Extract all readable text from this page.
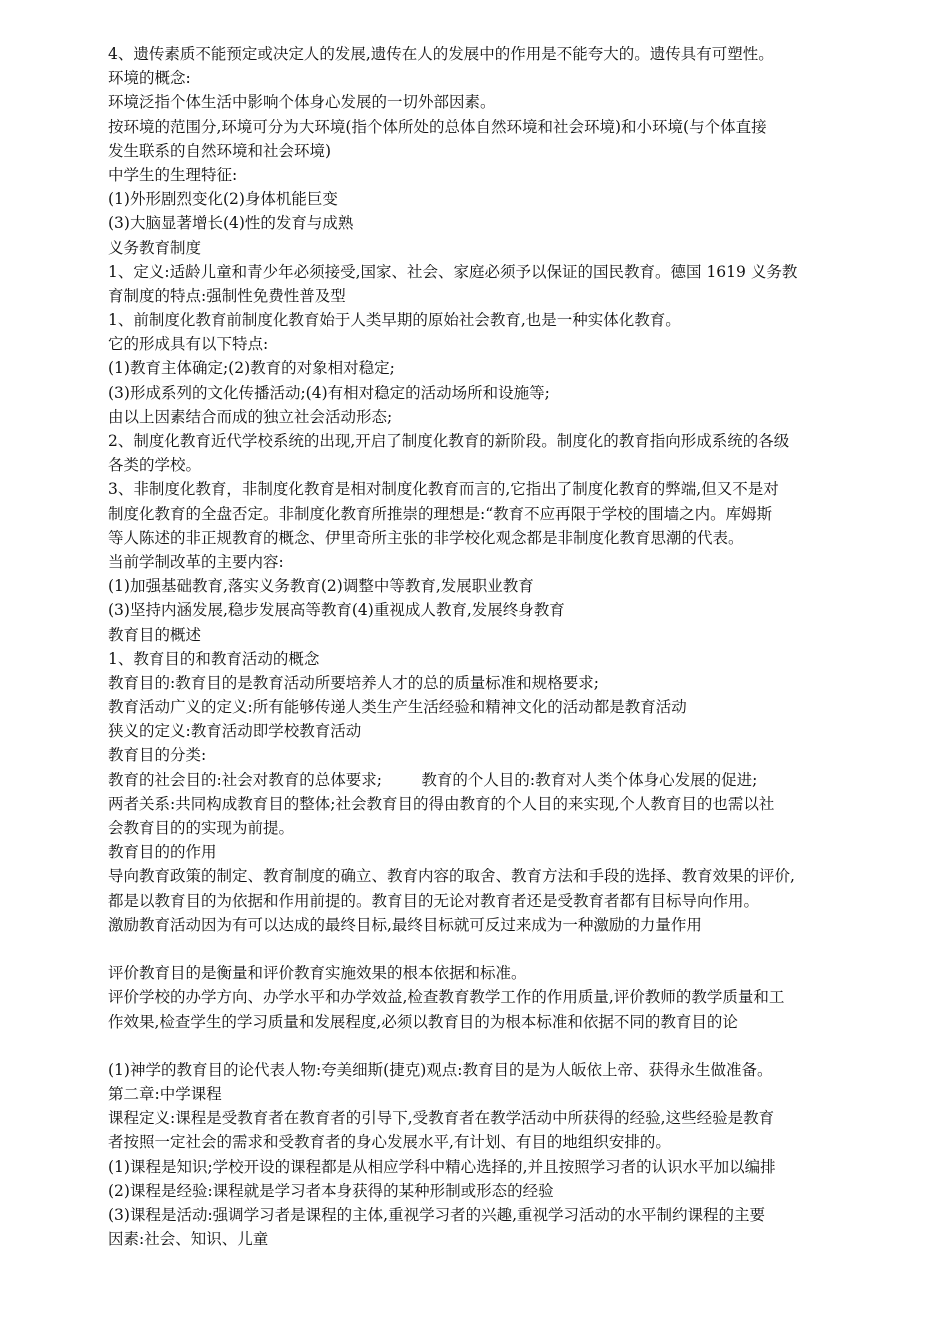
4、遗传素质不能预定或决定人的发展,遗传在人的发展中的作用是不能夸大的。遗传具有可塑性。
环境的概念:
环境泛指个体生活中影响个体身心发展的一切外部因素。
按环境的范围分,环境可分为大环境(指个体所处的总体自然环境和社会环境)和小环境(与个体直接
发生联系的自然环境和社会环境)
中学生的生理特征:
(1)外形剧烈变化(2)身体机能巨变
(3)大脑显著增长(4)性的发育与成熟
义务教育制度
1、定义:适龄儿童和青少年必须接受,国家、社会、家庭必须予以保证的国民教育。德国 1619 义务教
育制度的特点:强制性免费性普及型
1、前制度化教育前制度化教育始于人类早期的原始社会教育,也是一种实体化教育。
它的形成具有以下特点:
(1)教育主体确定;(2)教育的对象相对稳定;
(3)形成系列的文化传播活动;(4)有相对稳定的活动场所和设施等;
由以上因素结合而成的独立社会活动形态;
2、制度化教育近代学校系统的出现,开启了制度化教育的新阶段。制度化的教育指向形成系统的各级
各类的学校。
3、非制度化教育，非制度化教育是相对制度化教育而言的,它指出了制度化教育的弊端,但又不是对
制度化教育的全盘否定。非制度化教育所推崇的理想是:“教育不应再限于学校的围墙之内。库姆斯
等人陈述的非正规教育的概念、伊里奇所主张的非学校化观念都是非制度化教育思潮的代表。
当前学制改革的主要内容:
(1)加强基础教育,落实义务教育(2)调整中等教育,发展职业教育
(3)坚持内涵发展,稳步发展高等教育(4)重视成人教育,发展终身教育
教育目的概述
1、教育目的和教育活动的概念
教育目的:教育目的是教育活动所要培养人才的总的质量标准和规格要求;
教育活动广义的定义:所有能够传递人类生产生活经验和精神文化的活动都是教育活动
狭义的定义:教育活动即学校教育活动
教育目的分类:
教育的社会目的:社会对教育的总体要求;        教育的个人目的:教育对人类个体身心发展的促进;
两者关系:共同构成教育目的整体;社会教育目的得由教育的个人目的来实现,个人教育目的也需以社
会教育目的的实现为前提。
教育目的的作用
导向教育政策的制定、教育制度的确立、教育内容的取舍、教育方法和手段的选择、教育效果的评价,
都是以教育目的为依据和作用前提的。教育目的无论对教育者还是受教育者都有目标导向作用。
激励教育活动因为有可以达成的最终目标,最终目标就可反过来成为一种激励的力量作用
评价教育目的是衡量和评价教育实施效果的根本依据和标准。
评价学校的办学方向、办学水平和办学效益,检查教育教学工作的作用质量,评价教师的教学质量和工
作效果,检查学生的学习质量和发展程度,必须以教育目的为根本标准和依据不同的教育目的论
(1)神学的教育目的论代表人物:夸美细斯(捷克)观点:教育目的是为人皈依上帝、获得永生做准备。
第二章:中学课程
课程定义:课程是受教育者在教育者的引导下,受教育者在教学活动中所获得的经验,这些经验是教育
者按照一定社会的需求和受教育者的身心发展水平,有计划、有目的地组织安排的。
(1)课程是知识;学校开设的课程都是从相应学科中精心选择的,并且按照学习者的认识水平加以编排
(2)课程是经验:课程就是学习者本身获得的某种形制或形态的经验
(3)课程是活动:强调学习者是课程的主体,重视学习者的兴趣,重视学习活动的水平制约课程的主要
因素:社会、知识、儿童
